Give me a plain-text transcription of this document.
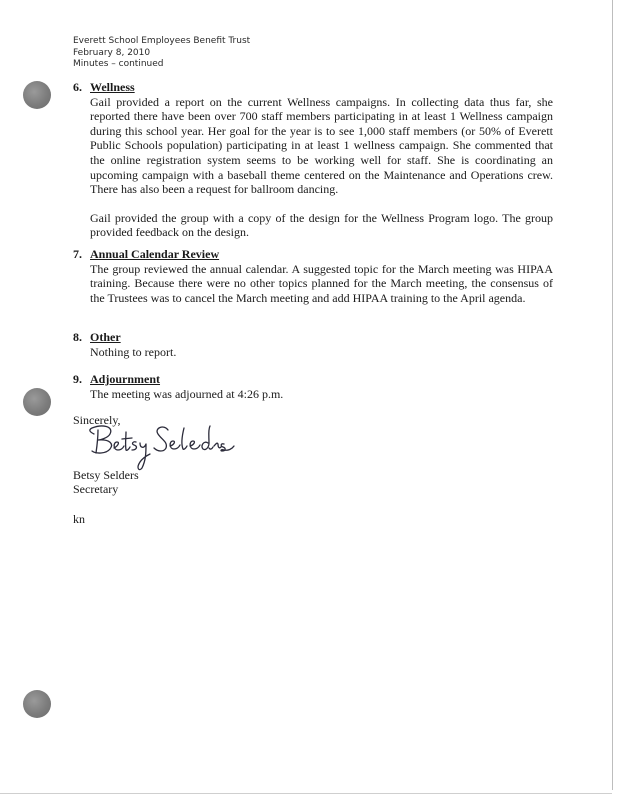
Everett School Employees Benefit Trust
February 8, 2010
Minutes – continued
6. Wellness

Gail provided a report on the current Wellness campaigns. In collecting data thus far, she reported there have been over 700 staff members participating in at least 1 Wellness campaign during this school year. Her goal for the year is to see 1,000 staff members (or 50% of Everett Public Schools population) participating in at least 1 wellness campaign. She commented that the online registration system seems to be working well for staff. She is coordinating an upcoming campaign with a baseball theme centered on the Maintenance and Operations crew. There has also been a request for ballroom dancing.

Gail provided the group with a copy of the design for the Wellness Program logo. The group provided feedback on the design.

7. Annual Calendar Review

The group reviewed the annual calendar. A suggested topic for the March meeting was HIPAA training. Because there were no other topics planned for the March meeting, the consensus of the Trustees was to cancel the March meeting and add HIPAA training to the April agenda.

8. Other

Nothing to report.

9. Adjournment

The meeting was adjourned at 4:26 p.m.

Sincerely,
Betsy Selders
Secretary
kn
